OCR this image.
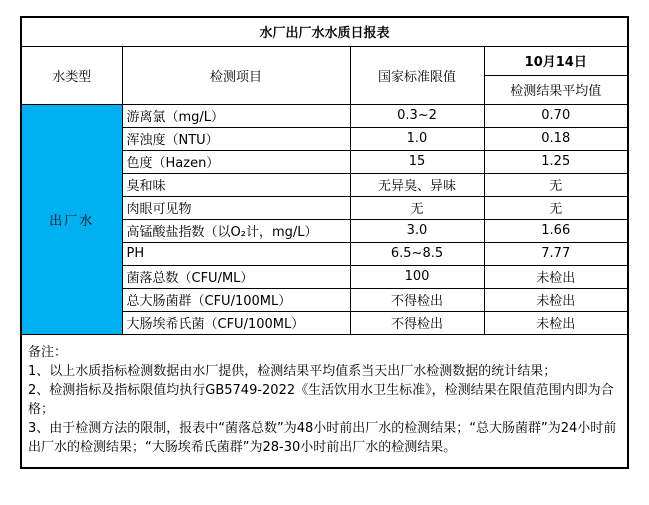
水厂出厂水水质日报表			
水类型	检测项目	国家标准限值	10月14日
			检测结果平均值
出厂水	游离氯（mg/L）	0.3~2	0.70
	浑浊度（NTU）	1.0	0.18
	色度（Hazen）	15	1.25
	臭和味	无异臭、异味	无
	肉眼可见物	无	无
	高锰酸盐指数（以O₂计，mg/L）	3.0	1.66
	PH	6.5~8.5	7.77
	菌落总数（CFU/ML）	100	未检出
	总大肠菌群（CFU/100ML）	不得检出	未检出
	大肠埃希氏菌（CFU/100ML）	不得检出	未检出

备注：

1、以上水质指标检测数据由水厂提供，检测结果平均值系当天出厂水检测数据的统计结果；

2、检测指标及指标限值均执行GB5749-2022《生活饮用水卫生标准》，检测结果在限值范围内即为合格；

3、由于检测方法的限制，报表中“菌落总数”为48小时前出厂水的检测结果；“总大肠菌群”为24小时前出厂水的检测结果；“大肠埃希氏菌群”为28-30小时前出厂水的检测结果。			
